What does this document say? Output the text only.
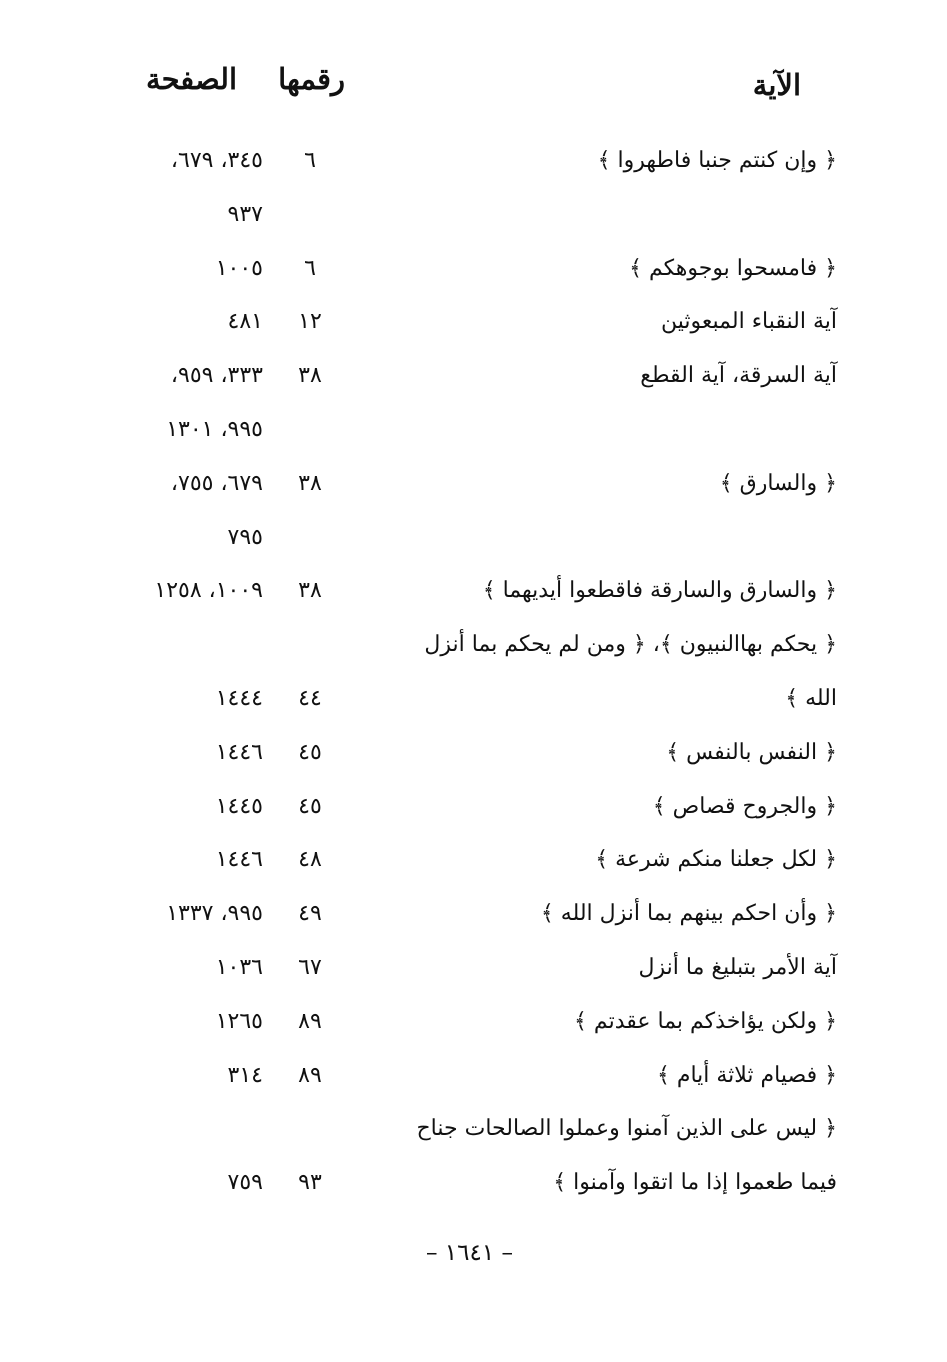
الآية
رقمها
الصفحة
﴿ وإن كنتم جنبا فاطهروا ﴾
٦
٣٤٥، ٦٧٩،
٩٣٧
﴿ فامسحوا بوجوهكم ﴾
٦
١٠٠٥
آية النقباء المبعوثين
١٢
٤٨١
آية السرقة، آية القطع
٣٨
٣٣٣، ٩٥٩،
٩٩٥، ١٣٠١
﴿ والسارق ﴾
٣٨
٦٧٩، ٧٥٥،
٧٩٥
﴿ والسارق والسارقة فاقطعوا أيديهما ﴾
٣٨
١٠٠٩، ١٢٥٨
﴿ يحكم بهاالنبيون ﴾، ﴿ ومن لم يحكم بما أنزل
الله ﴾
٤٤
١٤٤٤
﴿ النفس بالنفس ﴾
٤٥
١٤٤٦
﴿ والجروح قصاص ﴾
٤٥
١٤٤٥
﴿ لكل جعلنا منكم شرعة ﴾
٤٨
١٤٤٦
﴿ وأن احكم بينهم بما أنزل الله ﴾
٤٩
٩٩٥، ١٣٣٧
آية الأمر بتبليغ ما أنزل
٦٧
١٠٣٦
﴿ ولكن يؤاخذكم بما عقدتم ﴾
٨٩
١٢٦٥
﴿ فصيام ثلاثة أيام ﴾
٨٩
٣١٤
﴿ ليس على الذين آمنوا وعملوا الصالحات جناح
فيما طعموا إذا ما اتقوا وآمنوا ﴾
٩٣
٧٥٩
– ١٦٤١ –
